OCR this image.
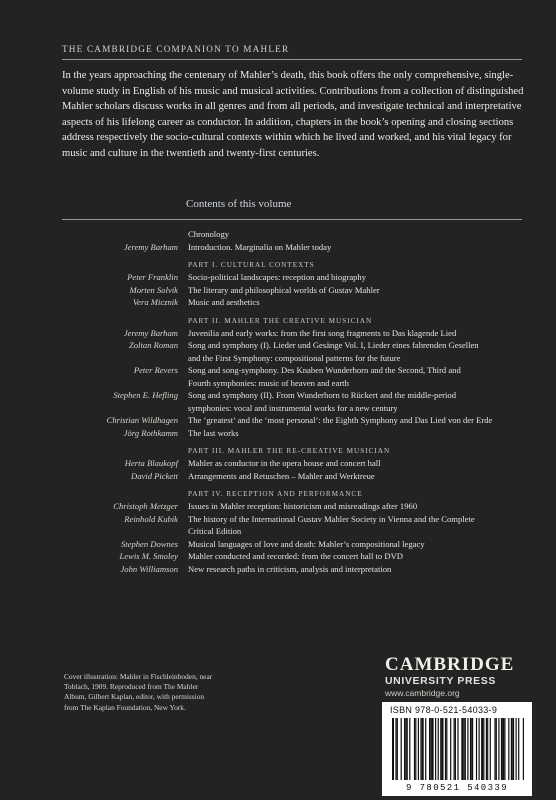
THE CAMBRIDGE COMPANION TO MAHLER
In the years approaching the centenary of Mahler’s death, this book offers the only comprehensive, single-volume study in English of his music and musical activities. Contributions from a collection of distinguished Mahler scholars discuss works in all genres and from all periods, and investigate technical and interpretative aspects of his lifelong career as conductor. In addition, chapters in the book’s opening and closing sections address respectively the socio-cultural contexts within which he lived and worked, and his vital legacy for music and culture in the twentieth and twenty-first centuries.
Contents of this volume
Chronology
Jeremy Barham	Introduction. Marginalia on Mahler today
PART I. CULTURAL CONTEXTS
Peter Franklin	Socio-political landscapes: reception and biography
Morten Solvik	The literary and philosophical worlds of Gustav Mahler
Vera Micznik	Music and aesthetics
PART II. MAHLER THE CREATIVE MUSICIAN
Jeremy Barham	Juvenilia and early works: from the first song fragments to Das klagende Lied
Zoltan Roman	Song and symphony (I). Lieder und Gesänge Vol. I, Lieder eines fahrenden Gesellen
and the First Symphony: compositional patterns for the future
Peter Revers	Song and song-symphony. Des Knaben Wunderhorn and the Second, Third and
Fourth symphonies: music of heaven and earth
Stephen E. Hefling	Song and symphony (II). From Wunderhorn to Rückert and the middle-period
symphonies: vocal and instrumental works for a new century
Christian Wildhagen	The ‘greatest’ and the ‘most personal’: the Eighth Symphony and Das Lied von der Erde
Jörg Rothkamm	The last works
PART III. MAHLER THE RE-CREATIVE MUSICIAN
Herta Blaukopf	Mahler as conductor in the opera house and concert hall
David Pickett	Arrangements and Retuschen – Mahler and Werktreue
PART IV. RECEPTION AND PERFORMANCE
Christoph Metzger	Issues in Mahler reception: historicism and misreadings after 1960
Reinhold Kubik	The history of the International Gustav Mahler Society in Vienna and the Complete
Critical Edition
Stephen Downes	Musical languages of love and death: Mahler’s compositional legacy
Lewis M. Smoley	Mahler conducted and recorded: from the concert hall to DVD
John Williamson	New research paths in criticism, analysis and interpretation
Cover illustration: Mahler in Fischleinboden, near Toblach, 1909. Reproduced from The Mahler Album, Gilbert Kaplan, editor, with permission from The Kaplan Foundation, New York.
CAMBRIDGE
UNIVERSITY PRESS
www.cambridge.org
ISBN 978-0-521-54033-9
9 780521 540339
